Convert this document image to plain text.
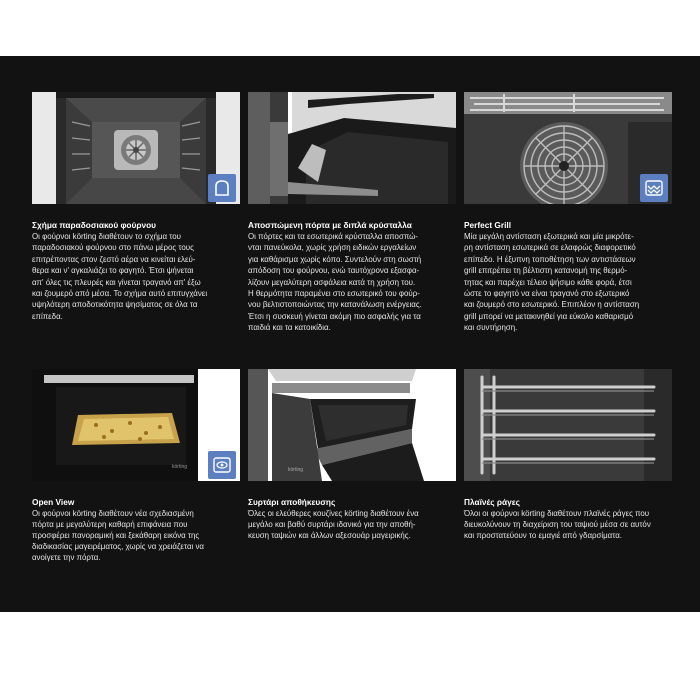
Σχήμα παραδοσιακού φούρνου
Οι φούρνοι körting διαθέτουν το σχήμα του
παραδοσιακού φούρνου στο πάνω μέρος τους
επιτρέποντας στον ζεστό αέρα να κινείται ελεύ-
θερα και ν' αγκαλιάζει το φαγητό. Έτσι ψήνεται
απ' όλες τις πλευρές και γίνεται τραγανό απ' έξω
και ζουμερό από μέσα. Το σχήμα αυτό επιτυγχάνει
υψηλότερη αποδοτικότητα ψησίματος σε όλα τα
επίπεδα.
Αποσπώμενη πόρτα με διπλά κρύσταλλα
Οι πόρτες και τα εσωτερικά κρύσταλλα αποσπώ-
νται πανεύκολα, χωρίς χρήση ειδικών εργαλείων
για καθάρισμα χωρίς κόπο. Συντελούν στη σωστή
απόδοση του φούρνου, ενώ ταυτόχρονα εξασφα-
λίζουν μεγαλύτερη ασφάλεια κατά τη χρήση του.
Η θερμότητα παραμένει στο εσωτερικό του φούρ-
νου βελτιστοποιώντας την κατανάλωση ενέργειας.
Έτσι η συσκευή γίνεται ακόμη πιο ασφαλής για τα
παιδιά και τα κατοικίδια.
Perfect Grill
Μία μεγάλη αντίσταση εξωτερικά και μία μικρότε-
ρη αντίσταση εσωτερικά σε ελαφρώς διαφορετικό
επίπεδο. Η έξυπνη τοποθέτηση των αντιστάσεων
grill επιτρέπει τη βέλτιστη κατανομή της θερμό-
τητας και παρέχει τέλειο ψήσιμο κάθε φορά, έτσι
ώστε το φαγητό να είναι τραγανό στο εξωτερικό
και ζουμερό στο εσωτερικό. Επιπλέον η αντίσταση
grill μπορεί να μετακινηθεί για εύκολο καθαρισμό
και συντήρηση.
körting
Open View
Οι φούρνοι körting διαθέτουν νέα σχεδιασμένη
πόρτα με μεγαλύτερη καθαρή επιφάνεια που
προσφέρει πανοραμική και ξεκάθαρη εικόνα της
διαδικασίας μαγειρέματος, χωρίς να χρειάζεται να
ανοίγετε την πόρτα.
körting
Συρτάρι αποθήκευσης
Όλες οι ελεύθερες κουζίνες körting διαθέτουν ένα
μεγάλο και βαθύ συρτάρι ιδανικό για την αποθή-
κευση ταψιών και άλλων αξεσουάρ μαγειρικής.
Πλαϊνές ράγες
Όλοι οι φούρνοι körting διαθέτουν πλαϊνές ράγες που
διευκολύνουν τη διαχείριση του ταψιού μέσα σε αυτόν
και προστατεύουν το εμαγιέ από γδαρσίματα.
